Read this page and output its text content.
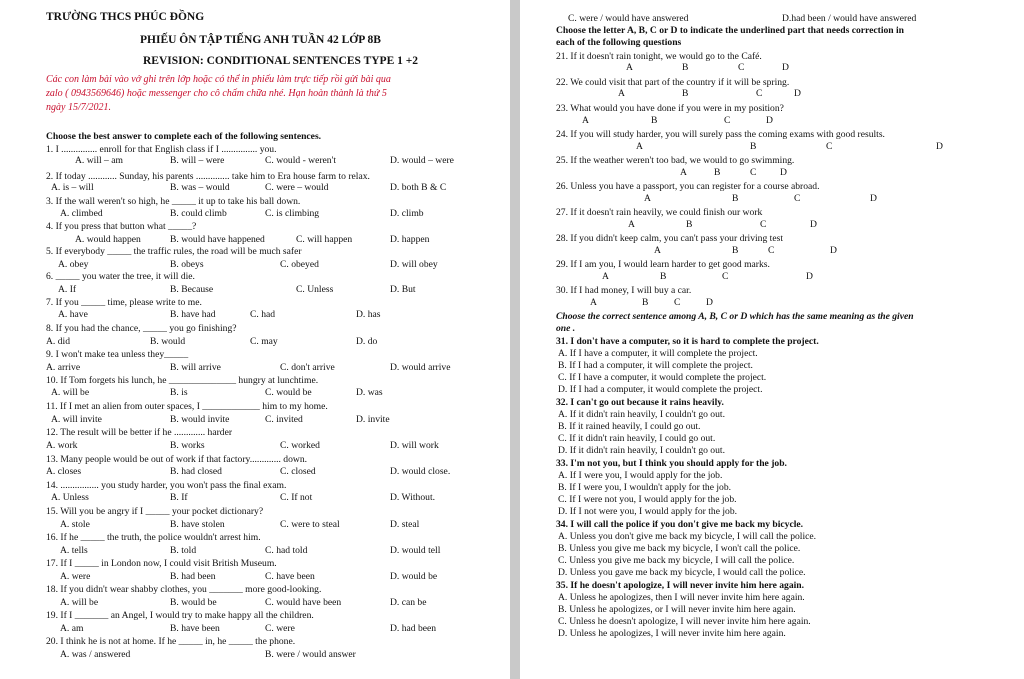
TRƯỜNG THCS PHÚC ĐỒNG
PHIẾU ÔN TẬP TIẾNG ANH TUẦN 42 LỚP 8B
REVISION: CONDITIONAL SENTENCES TYPE 1 +2
Các con làm bài vào vở ghi trên lớp hoặc có thể in phiếu làm trực tiếp rồi gửi bài qua
zalo ( 0943569646) hoặc messenger cho cô chấm chữa nhé. Hạn hoàn thành là thứ 5
ngày 15/7/2021.
Choose the best answer to complete each of the following sentences.
1. I ............... enroll for that English class if I ............... you.
A. will – am	B. will – were	C. would - weren't	D. would – were
2. If today ............ Sunday, his parents .............. take him to Era house farm to relax.
A. is – will	B. was – would	C. were – would	D. both B & C
3. If the wall weren't so high, he _____ it up to take his ball down.
A. climbed	B. could climb	C. is climbing	D. climb
4. If you press that button what _____?
A. would happen	B. would have happened	C. will happen	D. happen
5. If everybody _____ the traffic rules, the road will be much safer
A. obey	B. obeys	C. obeyed	D. will obey
6. _____ you water the tree, it will die.
A. If	B. Because	C. Unless	D. But
7. If you _____ time, please write to me.
A. have	B. have had	C. had	D. has
8. If you had the chance, _____ you go finishing?
A. did	B. would	C. may	D. do
9. I won't make tea unless they_____
A. arrive	B. will arrive	C. don't arrive	D. would arrive
10. If Tom forgets his lunch, he ______________ hungry at lunchtime.
A. will be	B. is	C. would be	D. was
11. If I met an alien from outer spaces, I ____________ him to my home.
A. will invite	B. would invite	C. invited	D. invite
12. The result will be better if he ............. harder
A. work	B. works	C. worked	D. will work
13. Many people would be out of work if that factory............. down.
A. closes	B. had closed	C. closed	D. would close.
14. ................ you study harder, you won't pass the final exam.
A. Unless	B. If	C. If not	D. Without.
15. Will you be angry if I _____ your pocket dictionary?
A. stole	B. have stolen	C. were to steal	D. steal
16. If he _____ the truth, the police wouldn't arrest him.
A. tells	B. told	C. had told	D. would tell
17. If I _____ in London now, I could visit British Museum.
A. were	B. had been	C. have been	D. would be
18. If you didn't wear shabby clothes, you _______ more good-looking.
A. will be	B. would be	C. would have been	D. can be
19. If I _______ an Angel, I would try to make happy all the children.
A. am	B. have been	C. were	D. had been
20. I think he is not at home. If he _____ in, he _____ the phone.
A. was / answered	B. were / would answer
C. were / would have answered	D.had been / would have answered
Choose the letter A, B, C or D to indicate the underlined part that needs correction in
each of the following questions
21. If it doesn't rain tonight, we would go to the Café.
A	B	C	D
22. We could visit that part of the country if it will be spring.
A	B	C	D
23. What would you have done if you were in my position?
A	B	C	D
24. If you will study harder, you will surely pass the coming exams with good results.
A	B	C	D
25. If the weather weren't too bad, we would to go swimming.
A	B	C D
26. Unless you have a passport, you can register for a course abroad.
A	B	C	D
27. If it doesn't rain heavily, we could finish our work
A	B	C	D
28. If you didn't keep calm, you can't pass your driving test
A	B	C	D
29. If I am you, I would learn harder to get good marks.
A	B	C	D
30. If I had money, I will buy a car.
A	B	C	D
Choose the correct sentence among A, B, C or D which has the same meaning as the given
one .
31. I don't have a computer, so it is hard to complete the project.
A. If I have a computer, it will complete the project.
B. If I had a computer, it will complete the project.
C. If I have a computer, it would complete the project.
D. If I had a computer, it would complete the project.
32. I can't go out because it rains heavily.
A. If it didn't rain heavily, I couldn't go out.
B. If it rained heavily, I could go out.
C. If it didn't rain heavily, I could go out.
D. If it didn't rain heavily, I couldn't go out.
33. I'm not you, but I think you should apply for the job.
A. If I were you, I would apply for the job.
B. If I were you, I wouldn't apply for the job.
C. If I were not you, I would apply for the job.
D. If I not were you, I would apply for the job.
34. I will call the police if you don't give me back my bicycle.
A. Unless you don't give me back my bicycle, I will call the police.
B. Unless you give me back my bicycle, I won't call the police.
C. Unless you give me back my bicycle, I will call the police.
D. Unless you gave me back my bicycle, I would call the police.
35. If he doesn't apologize, I will never invite him here again.
A. Unless he apologizes, then I will never invite him here again.
B. Unless he apologizes, or I will never invite him here again.
C. Unless he doesn't apologize, I will never invite him here again.
D. Unless he apologizes, I will never invite him here again.
